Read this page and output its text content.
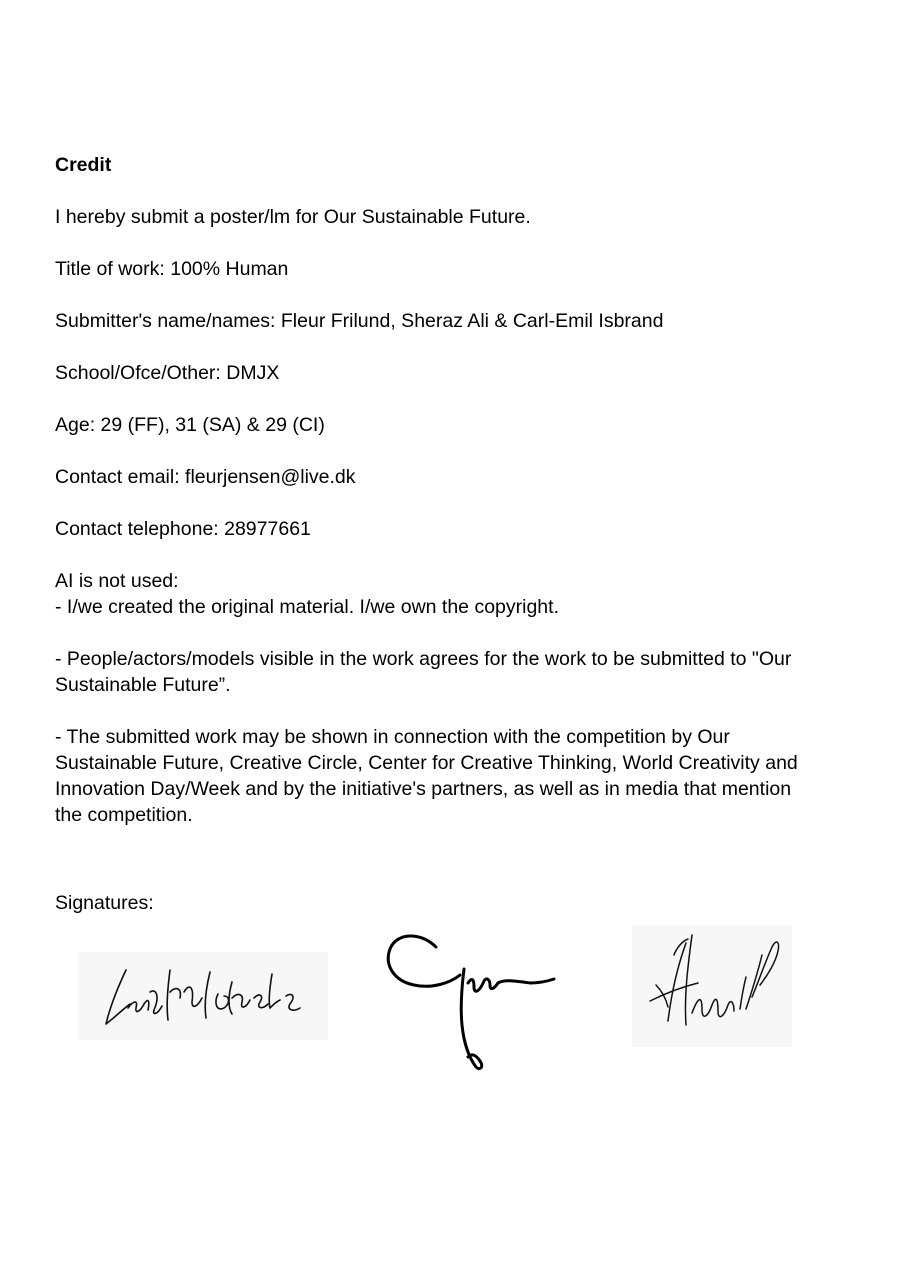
Credit
I hereby submit a poster/lm for Our Sustainable Future.
Title of work: 100% Human
Submitter's name/names: Fleur Frilund, Sheraz Ali & Carl-Emil Isbrand
School/Ofce/Other: DMJX
Age: 29 (FF), 31 (SA) & 29 (CI)
Contact email: fleurjensen@live.dk
Contact telephone: 28977661
AI is not used:
- I/we created the original material. I/we own the copyright.
- People/actors/models visible in the work agrees for the work to be submitted to "Our
Sustainable Future”.
- The submitted work may be shown in connection with the competition by Our
Sustainable Future, Creative Circle, Center for Creative Thinking, World Creativity and
Innovation Day/Week and by the initiative's partners, as well as in media that mention
the competition.
Signatures:
